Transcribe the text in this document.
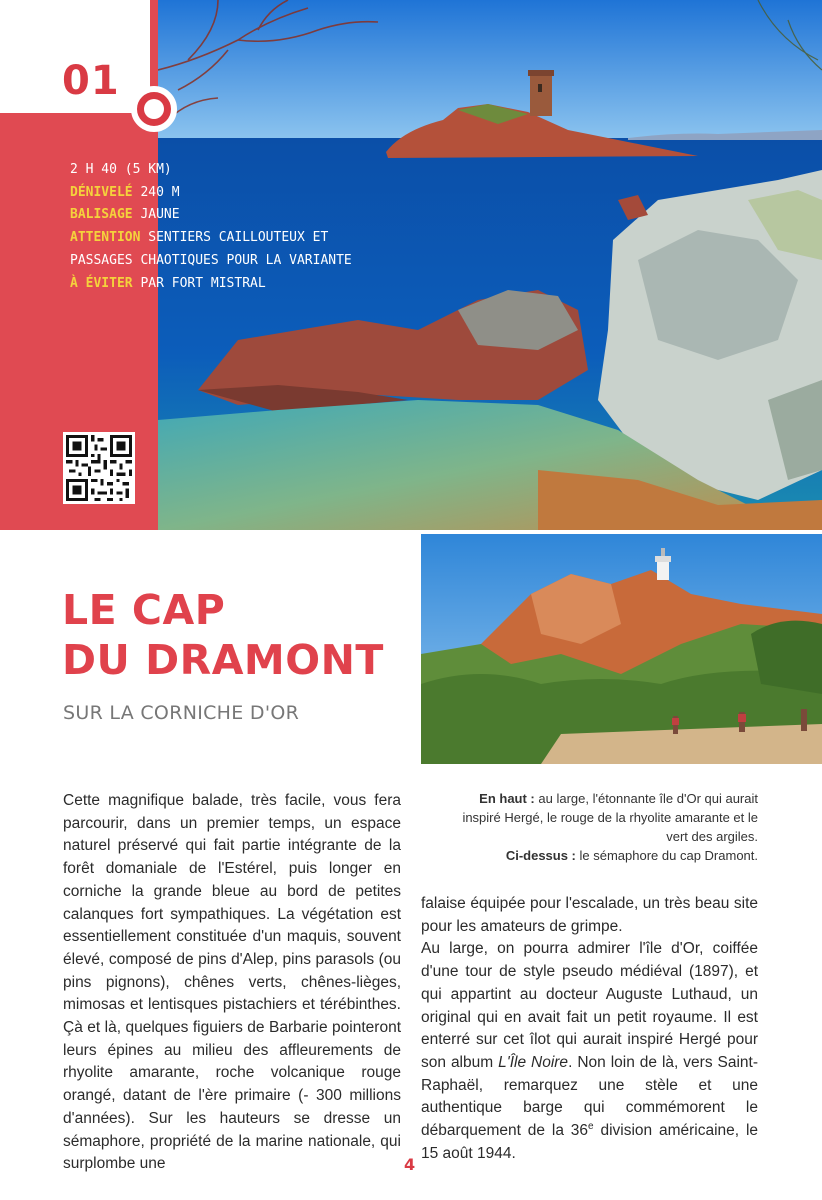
01
2 H 40 (5 KM)
DÉNIVELÉ 240 M
BALISAGE JAUNE
ATTENTION SENTIERS CAILLOUTEUX ET
PASSAGES CHAOTIQUES POUR LA VARIANTE
À ÉVITER PAR FORT MISTRAL
LE CAP
DU DRAMONT
SUR LA CORNICHE D'OR
En haut : au large, l'étonnante île d'Or qui aurait inspiré Hergé, le rouge de la rhyolite amarante et le vert des argiles.
Ci-dessus : le sémaphore du cap Dramont.

Cette magnifique balade, très facile, vous fera parcourir, dans un premier temps, un espace naturel préservé qui fait partie intégrante de la forêt domaniale de l'Estérel, puis longer en corniche la grande bleue au bord de petites calanques fort sympathiques. La végétation est essentiellement constituée d'un maquis, souvent élevé, composé de pins d'Alep, pins parasols (ou pins pignons), chênes verts, chênes-lièges, mimosas et lentisques pistachiers et térébinthes. Çà et là, quelques figuiers de Barbarie pointeront leurs épines au milieu des affleurements de rhyolite amarante, roche volcanique rouge orangé, datant de l'ère primaire (- 300 millions d'années). Sur les hauteurs se dresse un sémaphore, propriété de la marine nationale, qui surplombe une

falaise équipée pour l'escalade, un très beau site pour les amateurs de grimpe.

Au large, on pourra admirer l'île d'Or, coiffée d'une tour de style pseudo médiéval (1897), et qui appartint au docteur Auguste Luthaud, un original qui en avait fait un petit royaume. Il est enterré sur cet îlot qui aurait inspiré Hergé pour son album L'Île Noire. Non loin de là, vers Saint-Raphaël, remarquez une stèle et une authentique barge qui commémorent le débarquement de la 36e division américaine, le 15 août 1944.

4
